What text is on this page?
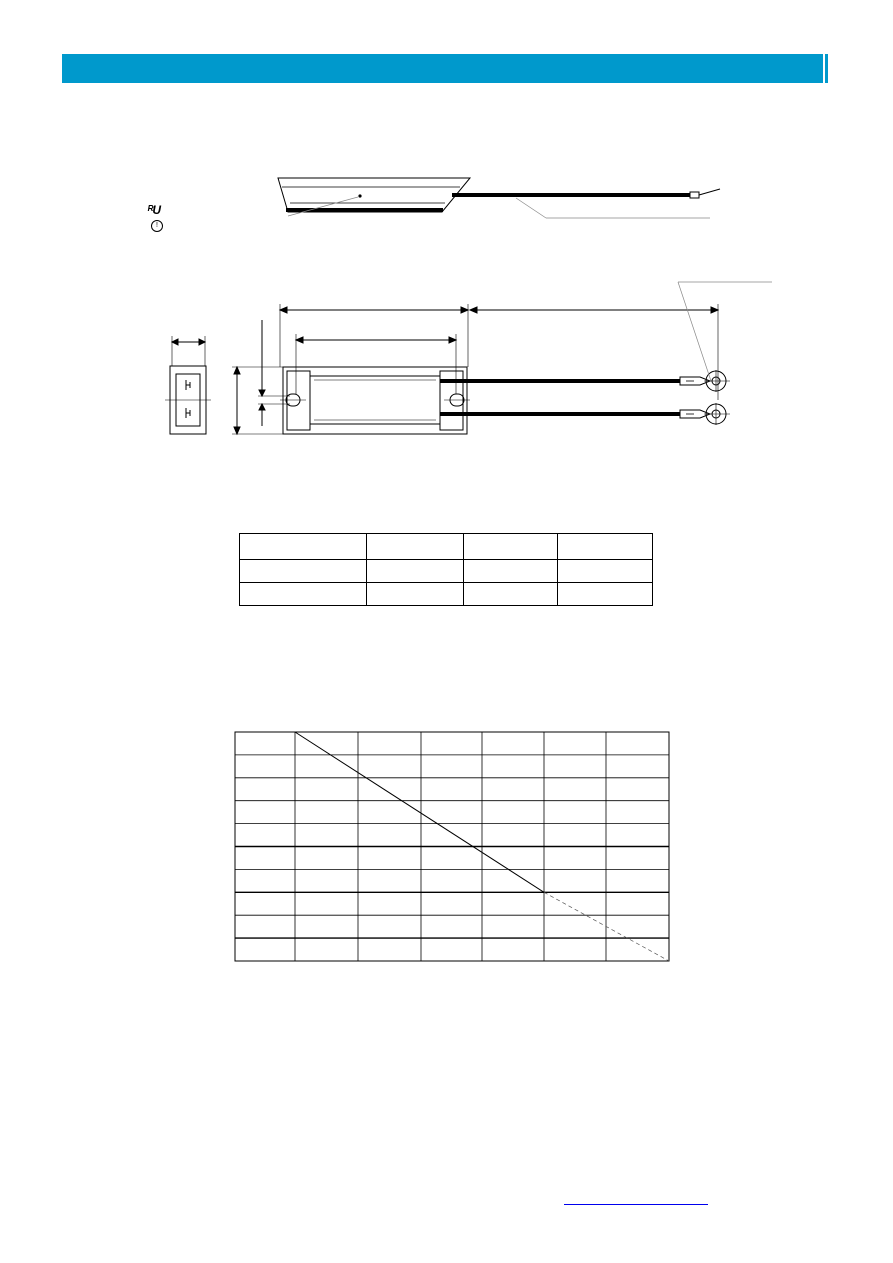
ᴿU
!
